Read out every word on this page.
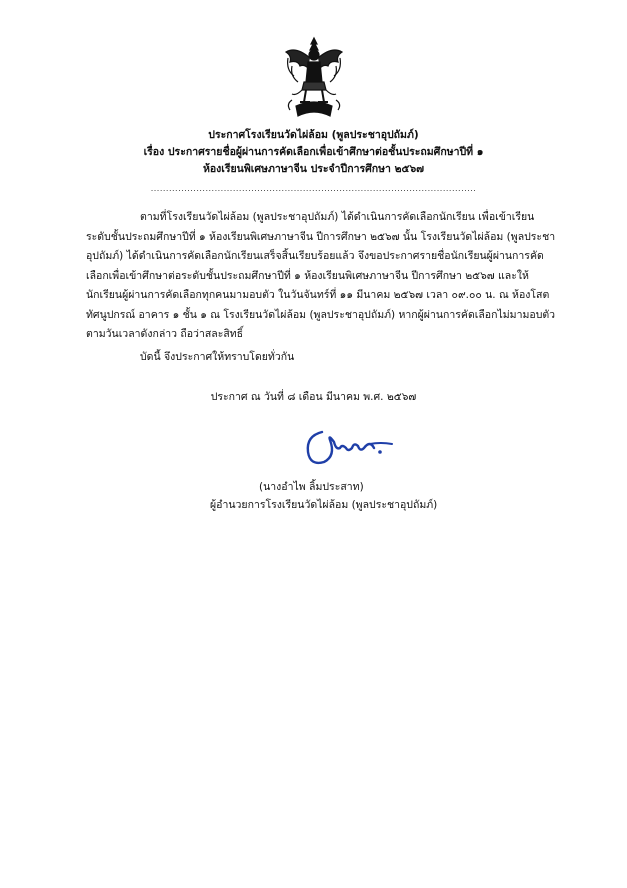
ประกาศโรงเรียนวัดไผ่ล้อม (พูลประชาอุปถัมภ์)
เรื่อง ประกาศรายชื่อผู้ผ่านการคัดเลือกเพื่อเข้าศึกษาต่อชั้นประถมศึกษาปีที่ ๑
ห้องเรียนพิเศษภาษาจีน ประจำปีการศึกษา ๒๕๖๗
...........................................................................................................
ตามที่โรงเรียนวัดไผ่ล้อม (พูลประชาอุปถัมภ์) ได้ดำเนินการคัดเลือกนักเรียน เพื่อเข้าเรียนระดับชั้นประถมศึกษาปีที่ ๑ ห้องเรียนพิเศษภาษาจีน ปีการศึกษา ๒๕๖๗ นั้น โรงเรียนวัดไผ่ล้อม (พูลประชาอุปถัมภ์) ได้ดำเนินการคัดเลือกนักเรียนเสร็จสิ้นเรียบร้อยแล้ว จึงขอประกาศรายชื่อนักเรียนผู้ผ่านการคัดเลือกเพื่อเข้าศึกษาต่อระดับชั้นประถมศึกษาปีที่ ๑ ห้องเรียนพิเศษภาษาจีน ปีการศึกษา ๒๕๖๗ และให้นักเรียนผู้ผ่านการคัดเลือกทุกคนมามอบตัว ในวันจันทร์ที่ ๑๑ มีนาคม ๒๕๖๗ เวลา ๐๙.๐๐ น. ณ ห้องโสตทัศนูปกรณ์ อาคาร ๑ ชั้น ๑ ณ โรงเรียนวัดไผ่ล้อม (พูลประชาอุปถัมภ์) หากผู้ผ่านการคัดเลือกไม่มามอบตัว ตามวันเวลาดังกล่าว ถือว่าสละสิทธิ์
บัดนี้ จึงประกาศให้ทราบโดยทั่วกัน
ประกาศ ณ วันที่ ๘ เดือน มีนาคม พ.ศ. ๒๕๖๗
(นางอำไพ ลิ้มประสาท)
ผู้อำนวยการโรงเรียนวัดไผ่ล้อม (พูลประชาอุปถัมภ์)
